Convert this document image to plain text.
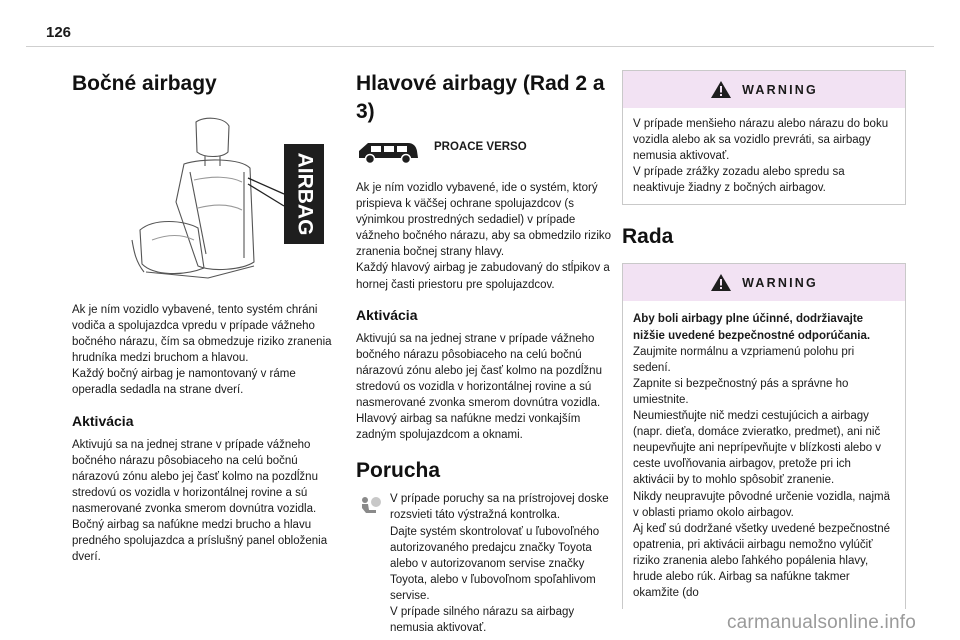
126
Bočné airbagy
AIRBAG

Ak je ním vozidlo vybavené, tento systém chráni vodiča a spolujazdca vpredu v prípade vážneho bočného nárazu, čím sa obmedzuje riziko zranenia hrudníka medzi bruchom a hlavou.
Každý bočný airbag je namontovaný v ráme operadla sedadla na strane dverí.

Aktivácia

Aktivujú sa na jednej strane v prípade vážneho bočného nárazu pôsobiaceho na celú bočnú nárazovú zónu alebo jej časť kolmo na pozdĺžnu stredovú os vozidla v horizontálnej rovine a sú nasmerované zvonka smerom dovnútra vozidla.
Bočný airbag sa nafúkne medzi brucho a hlavu predného spolujazdca a príslušný panel obloženia dverí.

Hlavové airbagy (Rad 2 a 3)
PROACE VERSO

Ak je ním vozidlo vybavené, ide o systém, ktorý prispieva k väčšej ochrane spolujazdcov (s výnimkou prostredných sedadiel) v prípade vážneho bočného nárazu, aby sa obmedzilo riziko zranenia bočnej strany hlavy.
Každý hlavový airbag je zabudovaný do stĺpikov a hornej časti priestoru pre spolujazdcov.

Aktivácia

Aktivujú sa na jednej strane v prípade vážneho bočného nárazu pôsobiaceho na celú bočnú nárazovú zónu alebo jej časť kolmo na pozdĺžnu stredovú os vozidla v horizontálnej rovine a sú nasmerované zvonka smerom dovnútra vozidla.
Hlavový airbag sa nafúkne medzi vonkajším zadným spolujazdcom a oknami.

Porucha

V prípade poruchy sa na prístrojovej doske rozsvieti táto výstražná kontrolka.
Dajte systém skontrolovať u ľubovoľného autorizovaného predajcu značky Toyota alebo v autorizovanom servise značky Toyota, alebo v ľubovoľnom spoľahlivom servise.
V prípade silného nárazu sa airbagy nemusia aktivovať.

WARNING

V prípade menšieho nárazu alebo nárazu do boku vozidla alebo ak sa vozidlo prevráti, sa airbagy nemusia aktivovať.
V prípade zrážky zozadu alebo spredu sa neaktivuje žiadny z bočných airbagov.

Rada
WARNING

Aby boli airbagy plne účinné, dodržiavajte nižšie uvedené bezpečnostné odporúčania.

Zaujmite normálnu a vzpriamenú polohu pri sedení.
Zapnite si bezpečnostný pás a správne ho umiestnite.
Neumiestňujte nič medzi cestujúcich a airbagy (napr. dieťa, domáce zvieratko, predmet), ani nič neupevňujte ani neprípevňujte v blízkosti alebo v ceste uvoľňovania airbagov, pretože pri ich aktivácii by to mohlo spôsobiť zranenie.
Nikdy neupravujte pôvodné určenie vozidla, najmä v oblasti priamo okolo airbagov.
Aj keď sú dodržané všetky uvedené bezpečnostné opatrenia, pri aktivácii airbagu nemožno vylúčiť riziko zranenia alebo ľahkého popálenia hlavy, hrude alebo rúk. Airbag sa nafúkne takmer okamžite (do

carmanualsonline.info
